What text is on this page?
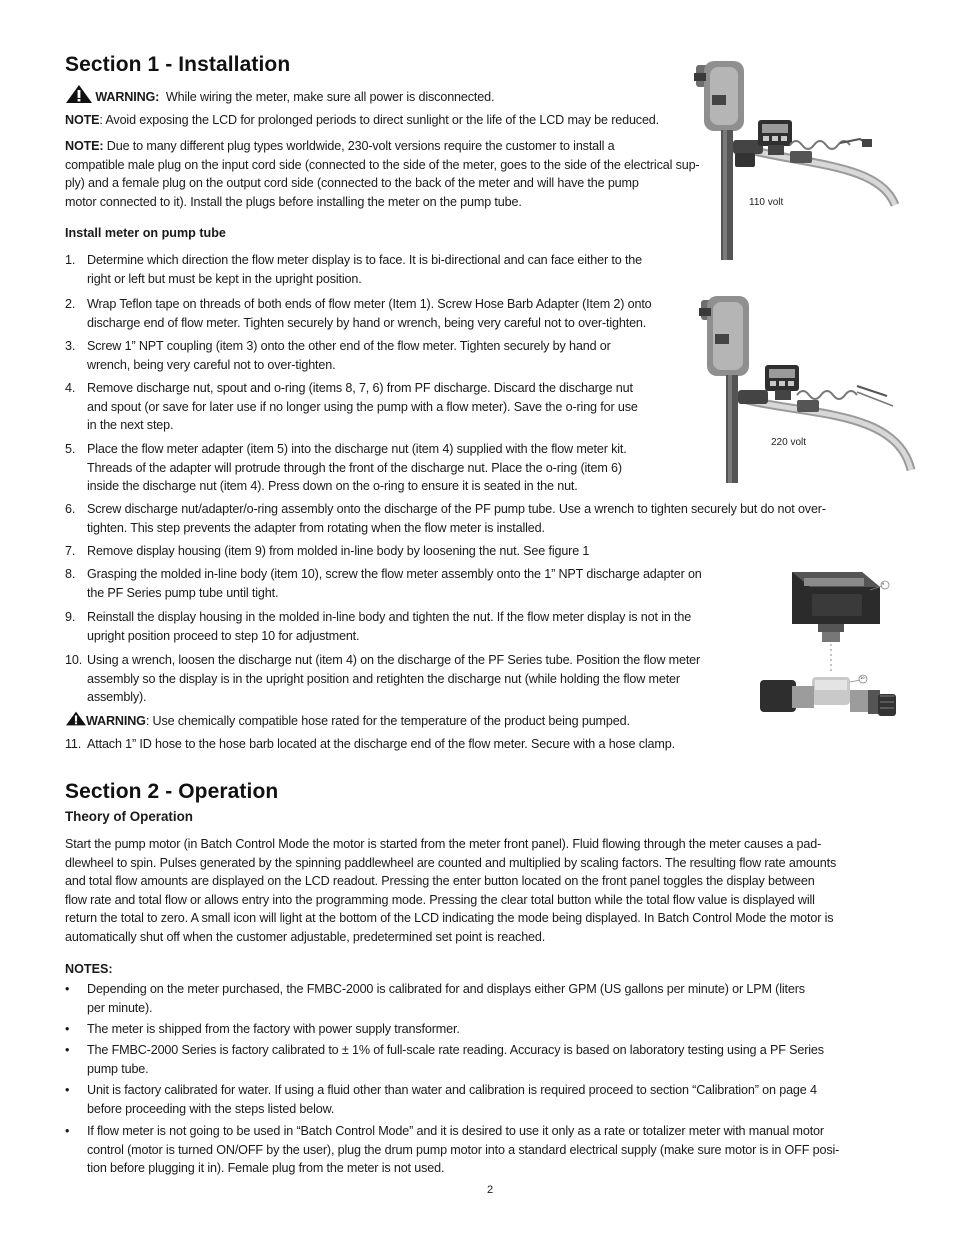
Section 1 - Installation
WARNING: While wiring the meter, make sure all power is disconnected.
NOTE: Avoid exposing the LCD for prolonged periods to direct sunlight or the life of the LCD may be reduced.
NOTE: Due to many different plug types worldwide, 230-volt versions require the customer to install a
compatible male plug on the input cord side (connected to the side of the meter, goes to the side of the electrical sup-
ply) and a female plug on the output cord side (connected to the back of the meter and will have the pump
motor connected to it). Install the plugs before installing the meter on the pump tube.
Install meter on pump tube
1. Determine which direction the flow meter display is to face. It is bi-directional and can face either to the
right or left but must be kept in the upright position.
2. Wrap Teflon tape on threads of both ends of flow meter (Item 1). Screw Hose Barb Adapter (Item 2) onto
discharge end of flow meter. Tighten securely by hand or wrench, being very careful not to over-tighten.
3. Screw 1” NPT coupling (item 3) onto the other end of the flow meter. Tighten securely by hand or
wrench, being very careful not to over-tighten.
4. Remove discharge nut, spout and o-ring (items 8, 7, 6) from PF discharge. Discard the discharge nut
and spout (or save for later use if no longer using the pump with a flow meter). Save the o-ring for use
in the next step.
5. Place the flow meter adapter (item 5) into the discharge nut (item 4) supplied with the flow meter kit.
Threads of the adapter will protrude through the front of the discharge nut. Place the o-ring (item 6)
inside the discharge nut (item 4). Press down on the o-ring to ensure it is seated in the nut.
6. Screw discharge nut/adapter/o-ring assembly onto the discharge of the PF pump tube. Use a wrench to tighten securely but do not over-
tighten. This step prevents the adapter from rotating when the flow meter is installed.
7. Remove display housing (item 9) from molded in-line body by loosening the nut. See figure 1
8. Grasping the molded in-line body (item 10), screw the flow meter assembly onto the 1” NPT discharge adapter on
the PF Series pump tube until tight.
9. Reinstall the display housing in the molded in-line body and tighten the nut. If the flow meter display is not in the
upright position proceed to step 10 for adjustment.
10. Using a wrench, loosen the discharge nut (item 4) on the discharge of the PF Series tube. Position the flow meter
assembly so the display is in the upright position and retighten the discharge nut (while holding the flow meter
assembly).
WARNING: Use chemically compatible hose rated for the temperature of the product being pumped.
11. Attach 1” ID hose to the hose barb located at the discharge end of the flow meter. Secure with a hose clamp.
110 volt
220 volt
9
10
Section 2 - Operation
Theory of Operation
Start the pump motor (in Batch Control Mode the motor is started from the meter front panel). Fluid flowing through the meter causes a pad-
dlewheel to spin. Pulses generated by the spinning paddlewheel are counted and multiplied by scaling factors. The resulting flow rate amounts
and total flow amounts are displayed on the LCD readout. Pressing the enter button located on the front panel toggles the display between
flow rate and total flow or allows entry into the programming mode. Pressing the clear total button while the total flow value is displayed will
return the total to zero. A small icon will light at the bottom of the LCD indicating the mode being displayed. In Batch Control Mode the motor is
automatically shut off when the customer adjustable, predetermined set point is reached.
NOTES:
• Depending on the meter purchased, the FMBC-2000 is calibrated for and displays either GPM (US gallons per minute) or LPM (liters
per minute).
• The meter is shipped from the factory with power supply transformer.
• The FMBC-2000 Series is factory calibrated to ± 1% of full-scale rate reading. Accuracy is based on laboratory testing using a PF Series
pump tube.
• Unit is factory calibrated for water. If using a fluid other than water and calibration is required proceed to section “Calibration” on page 4
before proceeding with the steps listed below.
• If flow meter is not going to be used in “Batch Control Mode” and it is desired to use it only as a rate or totalizer meter with manual motor
control (motor is turned ON/OFF by the user), plug the drum pump motor into a standard electrical supply (make sure motor is in OFF posi-
tion before plugging it in). Female plug from the meter is not used.
2
